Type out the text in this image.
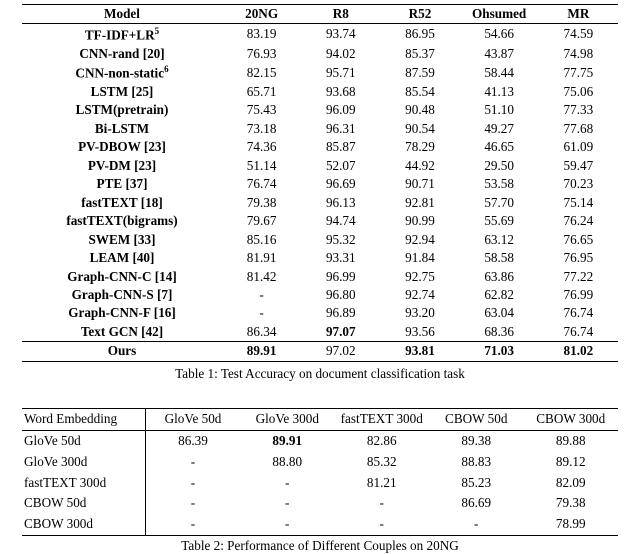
Model	20NG	R8	R52	Ohsumed	MR
$TF-IDF+LR^5$	83.19	93.74	86.95	54.66	74.59
CNN-rand [20]	76.93	94.02	85.37	43.87	74.98
CNN-non-static$^6$	82.15	95.71	87.59	58.44	77.75
LSTM [25]	65.71	93.68	85.54	41.13	75.06
LSTM(pretrain)	75.43	96.09	90.48	51.10	77.33
Bi-LSTM	73.18	96.31	90.54	49.27	77.68
PV-DBOW [23]	74.36	85.87	78.29	46.65	61.09
PV-DM [23]	51.14	52.07	44.92	29.50	59.47
PTE [37]	76.74	96.69	90.71	53.58	70.23
fastTEXT [18]	79.38	96.13	92.81	57.70	75.14
fastTEXT(bigrams)	79.67	94.74	90.99	55.69	76.24
SWEM [33]	85.16	95.32	92.94	63.12	76.65
LEAM [40]	81.91	93.31	91.84	58.58	76.95
Graph-CNN-C [14]	81.42	96.99	92.75	63.86	77.22
Graph-CNN-S [7]	-	96.80	92.74	62.82	76.99
Graph-CNN-F [16]	-	96.89	93.20	63.04	76.74
Text GCN [42]	86.34	97.07	93.56	68.36	76.74
Ours	89.91	97.02	93.81	71.03	81.02
Table 1: Test Accuracy on document classification task
Word Embedding	GloVe 50d	GloVe 300d	fastTEXT 300d	CBOW 50d	CBOW 300d
GloVe 50d	86.39	89.91	82.86	89.38	89.88
GloVe 300d	-	88.80	85.32	88.83	89.12
fastTEXT 300d	-	-	81.21	85.23	82.09
CBOW 50d	-	-	-	86.69	79.38
CBOW 300d	-	-	-	-	78.99
Table 2: Performance of Different Couples on 20NG
